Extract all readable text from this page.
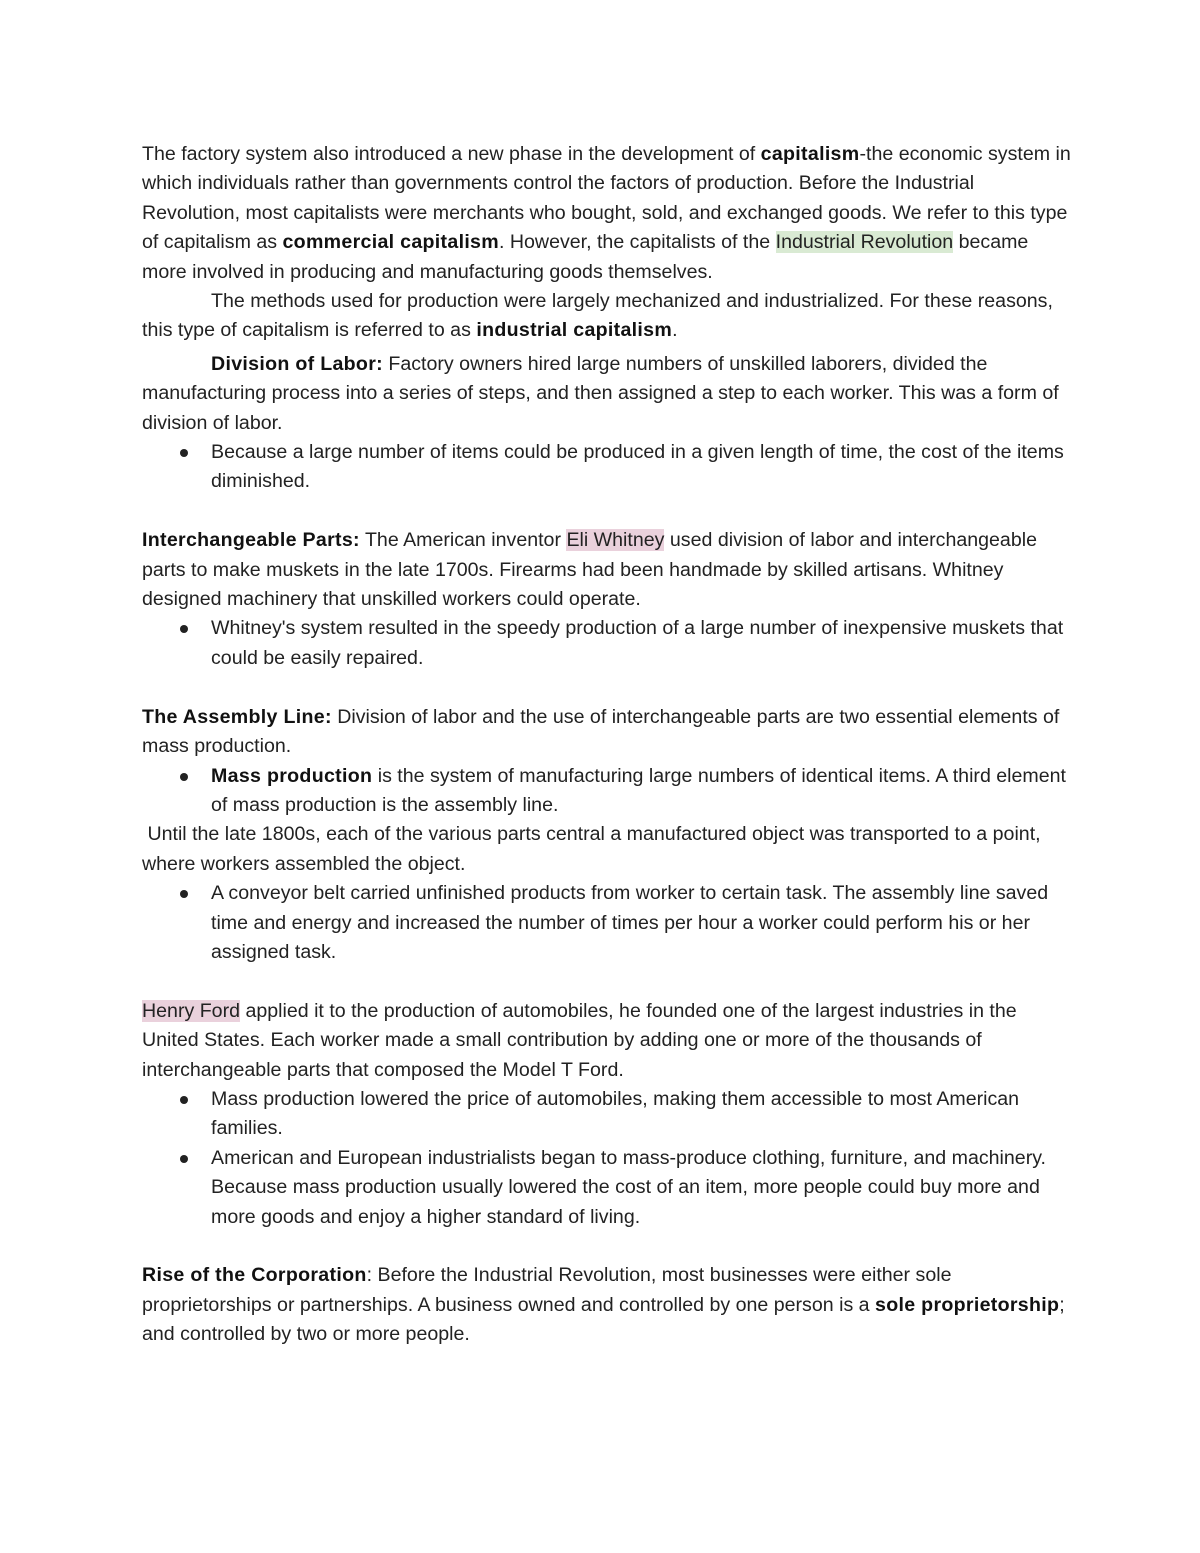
The factory system also introduced a new phase in the development of capitalism-the economic system in which individuals rather than governments control the factors of production. Before the Industrial Revolution, most capitalists were merchants who bought, sold, and exchanged goods. We refer to this type of capitalism as commercial capitalism. However, the capitalists of the Industrial Revolution became more involved in producing and manufacturing goods themselves.

The methods used for production were largely mechanized and industrialized. For these reasons, this type of capitalism is referred to as industrial capitalism.

Division of Labor: Factory owners hired large numbers of unskilled laborers, divided the manufacturing process into a series of steps, and then assigned a step to each worker. This was a form of division of labor.

Because a large number of items could be produced in a given length of time, the cost of the items diminished.

Interchangeable Parts: The American inventor Eli Whitney used division of labor and interchangeable parts to make muskets in the late 1700s. Firearms had been handmade by skilled artisans. Whitney designed machinery that unskilled workers could operate.

Whitney's system resulted in the speedy production of a large number of inexpensive muskets that could be easily repaired.

The Assembly Line: Division of labor and the use of interchangeable parts are two essential elements of mass production.

Mass production is the system of manufacturing large numbers of identical items. A third element of mass production is the assembly line.

Until the late 1800s, each of the various parts central a manufactured object was transported to a point, where workers assembled the object.

A conveyor belt carried unfinished products from worker to certain task. The assembly line saved time and energy and increased the number of times per hour a worker could perform his or her assigned task.

Henry Ford applied it to the production of automobiles, he founded one of the largest industries in the United States. Each worker made a small contribution by adding one or more of the thousands of interchangeable parts that composed the Model T Ford.

Mass production lowered the price of automobiles, making them accessible to most American families.
American and European industrialists began to mass-produce clothing, furniture, and machinery. Because mass production usually lowered the cost of an item, more people could buy more and more goods and enjoy a higher standard of living.

Rise of the Corporation: Before the Industrial Revolution, most businesses were either sole proprietorships or partnerships. A business owned and controlled by one person is a sole proprietorship; and controlled by two or more people.
